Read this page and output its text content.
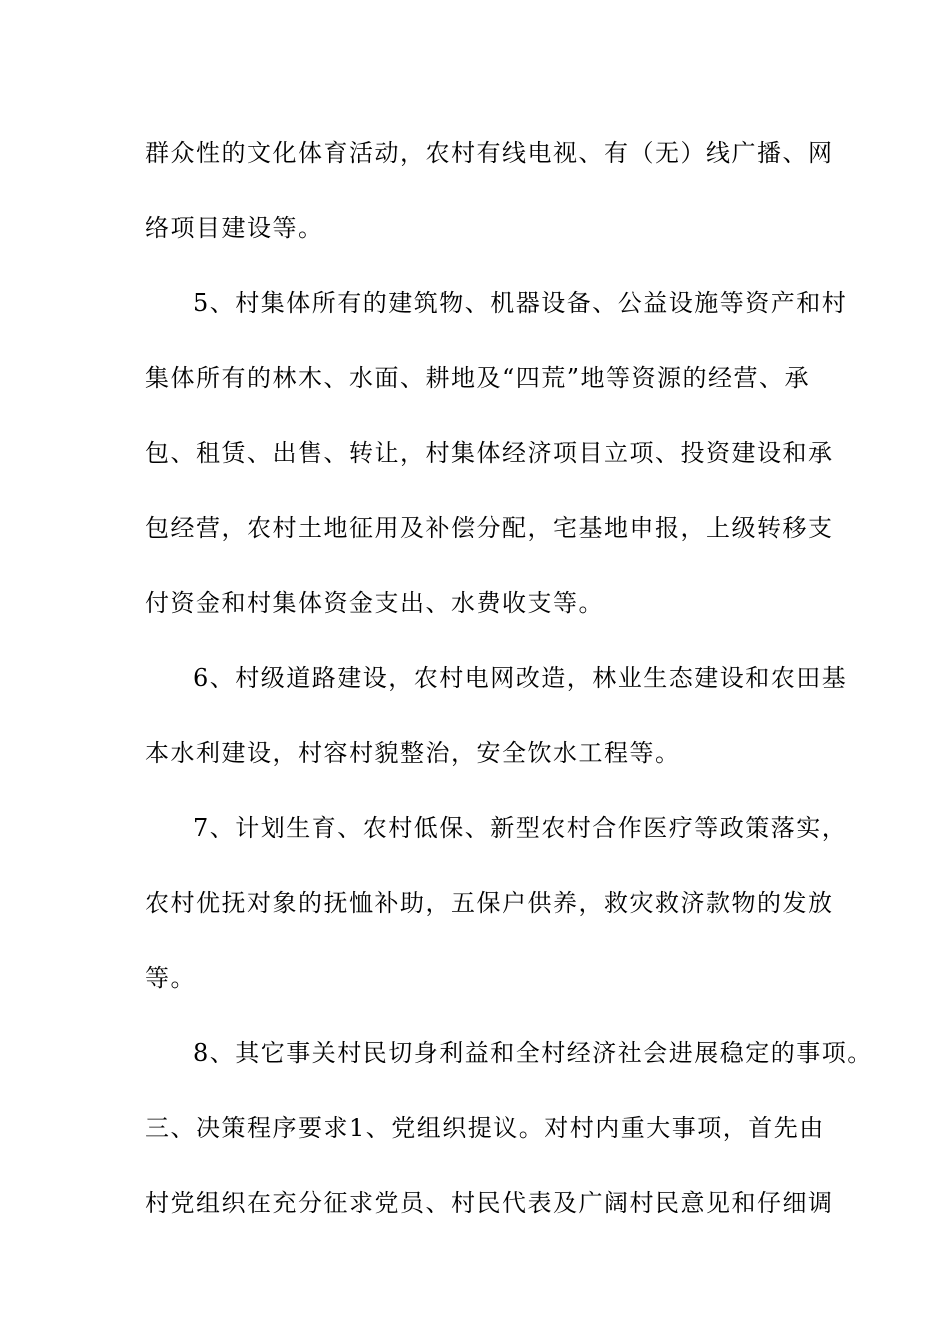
群众性的文化体育活动，农村有线电视、有（无）线广播、网
络项目建设等。
5、村集体所有的建筑物、机器设备、公益设施等资产和村
集体所有的林木、水面、耕地及“四荒”地等资源的经营、承
包、租赁、出售、转让，村集体经济项目立项、投资建设和承
包经营，农村土地征用及补偿分配，宅基地申报，上级转移支
付资金和村集体资金支出、水费收支等。
6、村级道路建设，农村电网改造，林业生态建设和农田基
本水利建设，村容村貌整治，安全饮水工程等。
7、计划生育、农村低保、新型农村合作医疗等政策落实，
农村优抚对象的抚恤补助，五保户供养，救灾救济款物的发放
等。
8、其它事关村民切身利益和全村经济社会进展稳定的事项。
三、决策程序要求1、党组织提议。对村内重大事项，首先由
村党组织在充分征求党员、村民代表及广阔村民意见和仔细调
